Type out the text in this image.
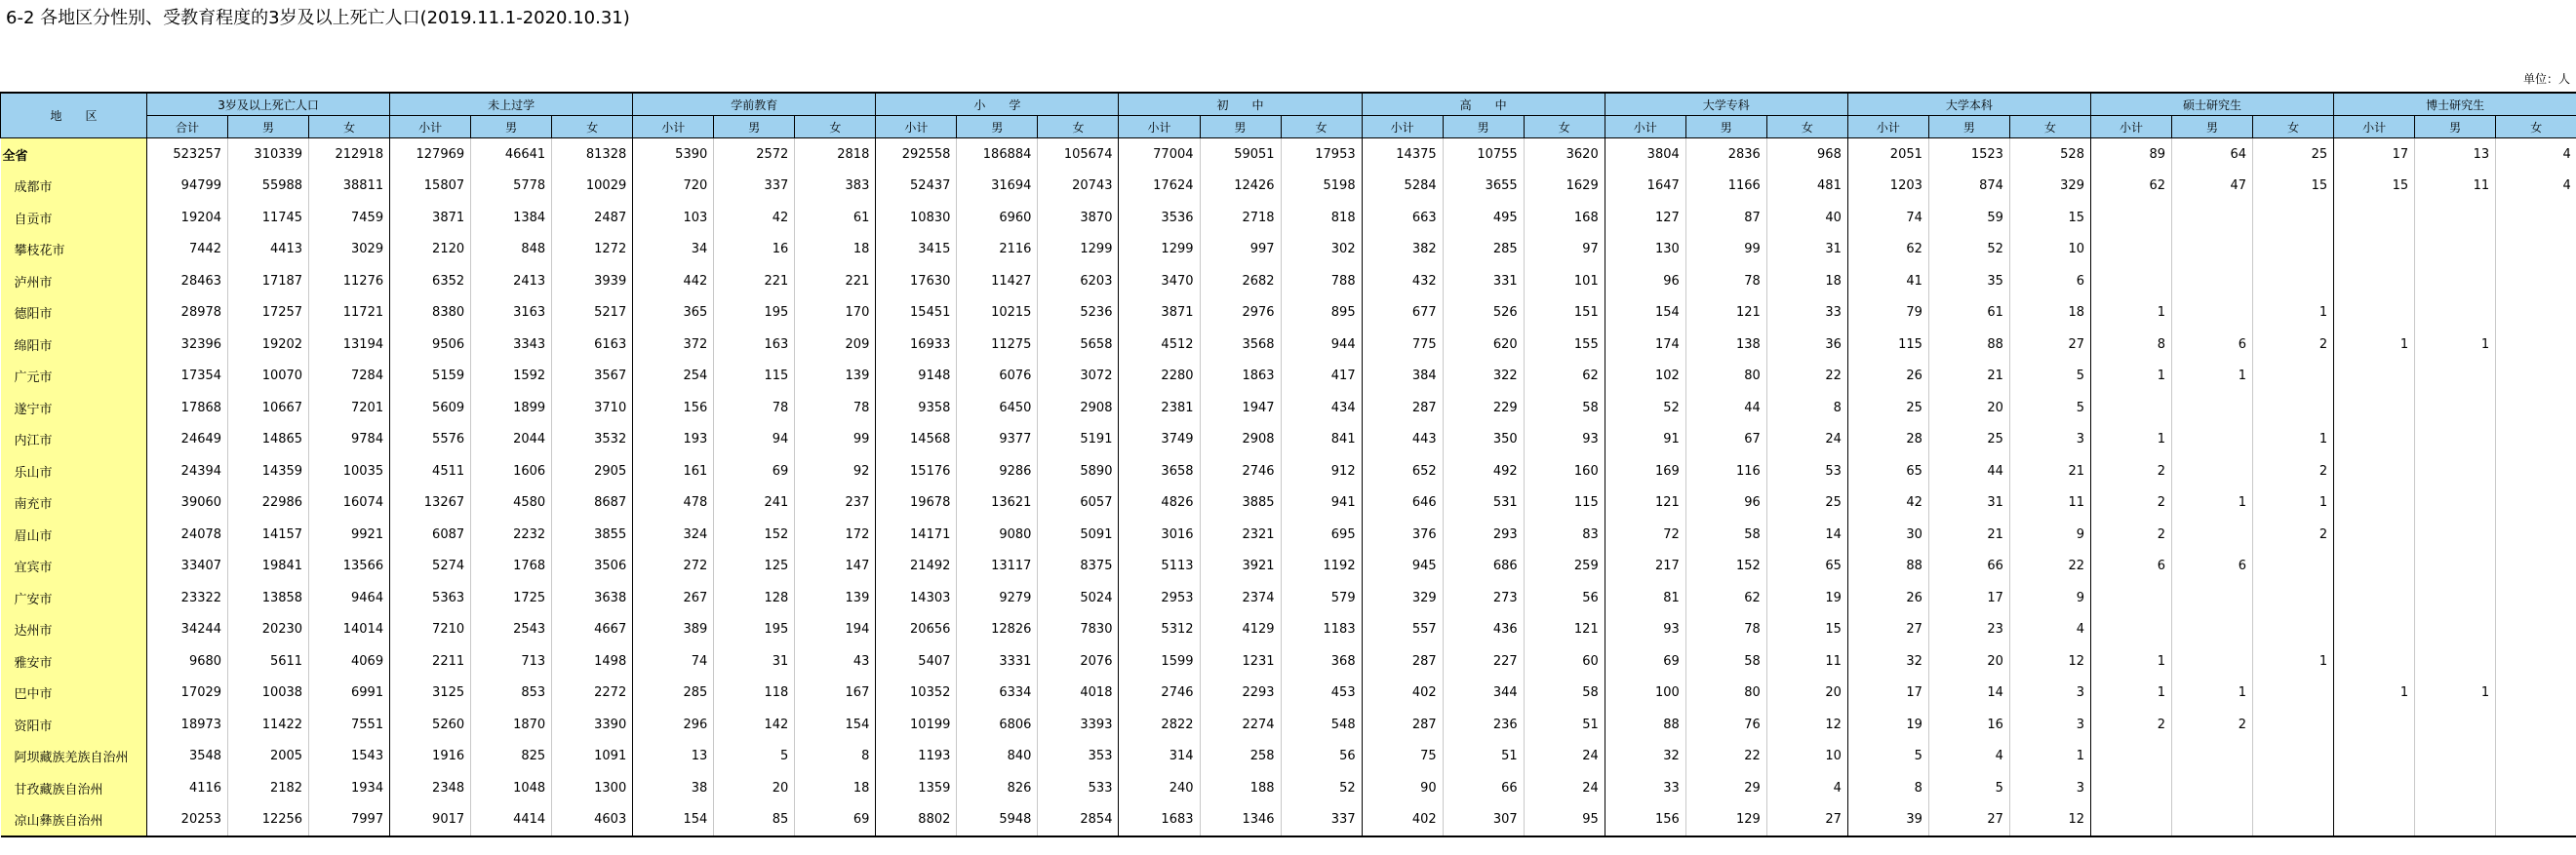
6-2 各地区分性别、受教育程度的3岁及以上死亡人口(2019.11.1-2020.10.31)
单位：人
地　　区	3岁及以上死亡人口			未上过学			学前教育			小　　学			初　　中			高　　中			大学专科			大学本科			硕士研究生			博士研究生		
	合计	男	女	小计	男	女	小计	男	女	小计	男	女	小计	男	女	小计	男	女	小计	男	女	小计	男	女	小计	男	女	小计	男	女
全省	523257	310339	212918	127969	46641	81328	5390	2572	2818	292558	186884	105674	77004	59051	17953	14375	10755	3620	3804	2836	968	2051	1523	528	89	64	25	17	13	4
成都市	94799	55988	38811	15807	5778	10029	720	337	383	52437	31694	20743	17624	12426	5198	5284	3655	1629	1647	1166	481	1203	874	329	62	47	15	15	11	4
自贡市	19204	11745	7459	3871	1384	2487	103	42	61	10830	6960	3870	3536	2718	818	663	495	168	127	87	40	74	59	15						
攀枝花市	7442	4413	3029	2120	848	1272	34	16	18	3415	2116	1299	1299	997	302	382	285	97	130	99	31	62	52	10						
泸州市	28463	17187	11276	6352	2413	3939	442	221	221	17630	11427	6203	3470	2682	788	432	331	101	96	78	18	41	35	6						
德阳市	28978	17257	11721	8380	3163	5217	365	195	170	15451	10215	5236	3871	2976	895	677	526	151	154	121	33	79	61	18	1		1			
绵阳市	32396	19202	13194	9506	3343	6163	372	163	209	16933	11275	5658	4512	3568	944	775	620	155	174	138	36	115	88	27	8	6	2	1	1	
广元市	17354	10070	7284	5159	1592	3567	254	115	139	9148	6076	3072	2280	1863	417	384	322	62	102	80	22	26	21	5	1	1				
遂宁市	17868	10667	7201	5609	1899	3710	156	78	78	9358	6450	2908	2381	1947	434	287	229	58	52	44	8	25	20	5						
内江市	24649	14865	9784	5576	2044	3532	193	94	99	14568	9377	5191	3749	2908	841	443	350	93	91	67	24	28	25	3	1		1			
乐山市	24394	14359	10035	4511	1606	2905	161	69	92	15176	9286	5890	3658	2746	912	652	492	160	169	116	53	65	44	21	2		2			
南充市	39060	22986	16074	13267	4580	8687	478	241	237	19678	13621	6057	4826	3885	941	646	531	115	121	96	25	42	31	11	2	1	1			
眉山市	24078	14157	9921	6087	2232	3855	324	152	172	14171	9080	5091	3016	2321	695	376	293	83	72	58	14	30	21	9	2		2			
宜宾市	33407	19841	13566	5274	1768	3506	272	125	147	21492	13117	8375	5113	3921	1192	945	686	259	217	152	65	88	66	22	6	6				
广安市	23322	13858	9464	5363	1725	3638	267	128	139	14303	9279	5024	2953	2374	579	329	273	56	81	62	19	26	17	9						
达州市	34244	20230	14014	7210	2543	4667	389	195	194	20656	12826	7830	5312	4129	1183	557	436	121	93	78	15	27	23	4						
雅安市	9680	5611	4069	2211	713	1498	74	31	43	5407	3331	2076	1599	1231	368	287	227	60	69	58	11	32	20	12	1		1			
巴中市	17029	10038	6991	3125	853	2272	285	118	167	10352	6334	4018	2746	2293	453	402	344	58	100	80	20	17	14	3	1	1		1	1	
资阳市	18973	11422	7551	5260	1870	3390	296	142	154	10199	6806	3393	2822	2274	548	287	236	51	88	76	12	19	16	3	2	2				
阿坝藏族羌族自治州	3548	2005	1543	1916	825	1091	13	5	8	1193	840	353	314	258	56	75	51	24	32	22	10	5	4	1						
甘孜藏族自治州	4116	2182	1934	2348	1048	1300	38	20	18	1359	826	533	240	188	52	90	66	24	33	29	4	8	5	3						
凉山彝族自治州	20253	12256	7997	9017	4414	4603	154	85	69	8802	5948	2854	1683	1346	337	402	307	95	156	129	27	39	27	12						
